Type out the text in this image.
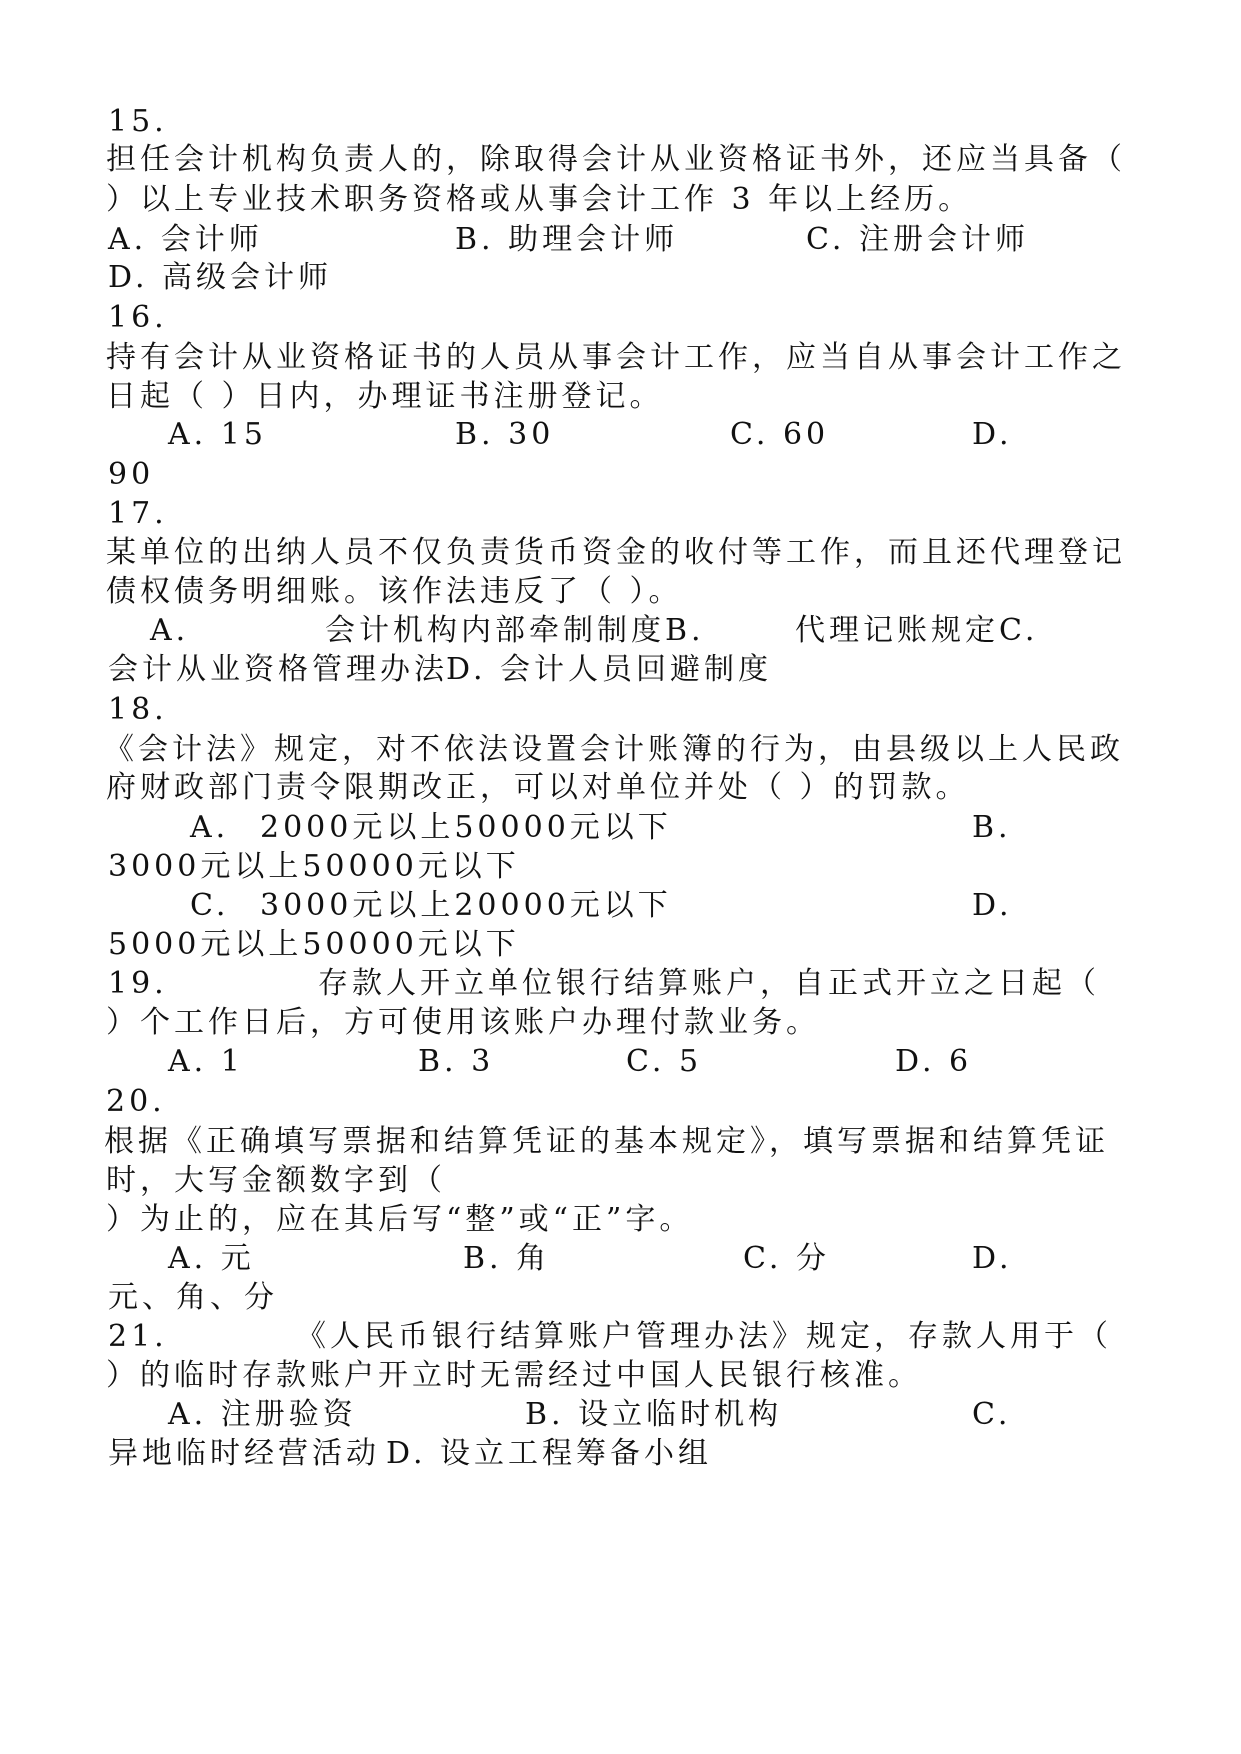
15.
担任会计机构负责人的，除取得会计从业资格证书外，还应当具备（
）以上专业技术职务资格或从事会计工作 3 年以上经历。
A. 会计师	B. 助理会计师	C. 注册会计师
D. 高级会计师
16.
持有会计从业资格证书的人员从事会计工作，应当自从事会计工作之
日起（ ）日内，办理证书注册登记。
A. 15	B. 30	C. 60	D.
90
17.
某单位的出纳人员不仅负责货币资金的收付等工作，而且还代理登记
债权债务明细账。该作法违反了（ ）。
A.	会计机构内部牵制制度B.	代理记账规定C.
会计从业资格管理办法
D. 会计人员回避制度
18.
《会计法》规定，对不依法设置会计账簿的行为，由县级以上人民政
府财政部门责令限期改正，可以对单位并处（ ）的罚款。
A. 2000元以上50000元以下	B.
3000元以上50000元以下
C. 3000元以上20000元以下	D.
5000元以上50000元以下
19.	存款人开立单位银行结算账户，自正式开立之日起（
）个工作日后，方可使用该账户办理付款业务。
A. 1	B. 3	C. 5	D. 6
20.
根据《正确填写票据和结算凭证的基本规定》，填写票据和结算凭证
时，大写金额数字到（
）为止的，应在其后写“整”或“正”字。
A. 元	B. 角	C. 分	D.
元、角、分
21.	《人民币银行结算账户管理办法》规定，存款人用于（
）的临时存款账户开立时无需经过中国人民银行核准。
A. 注册验资	B. 设立临时机构	C.
异地临时经营活动 D. 设立工程筹备小组
